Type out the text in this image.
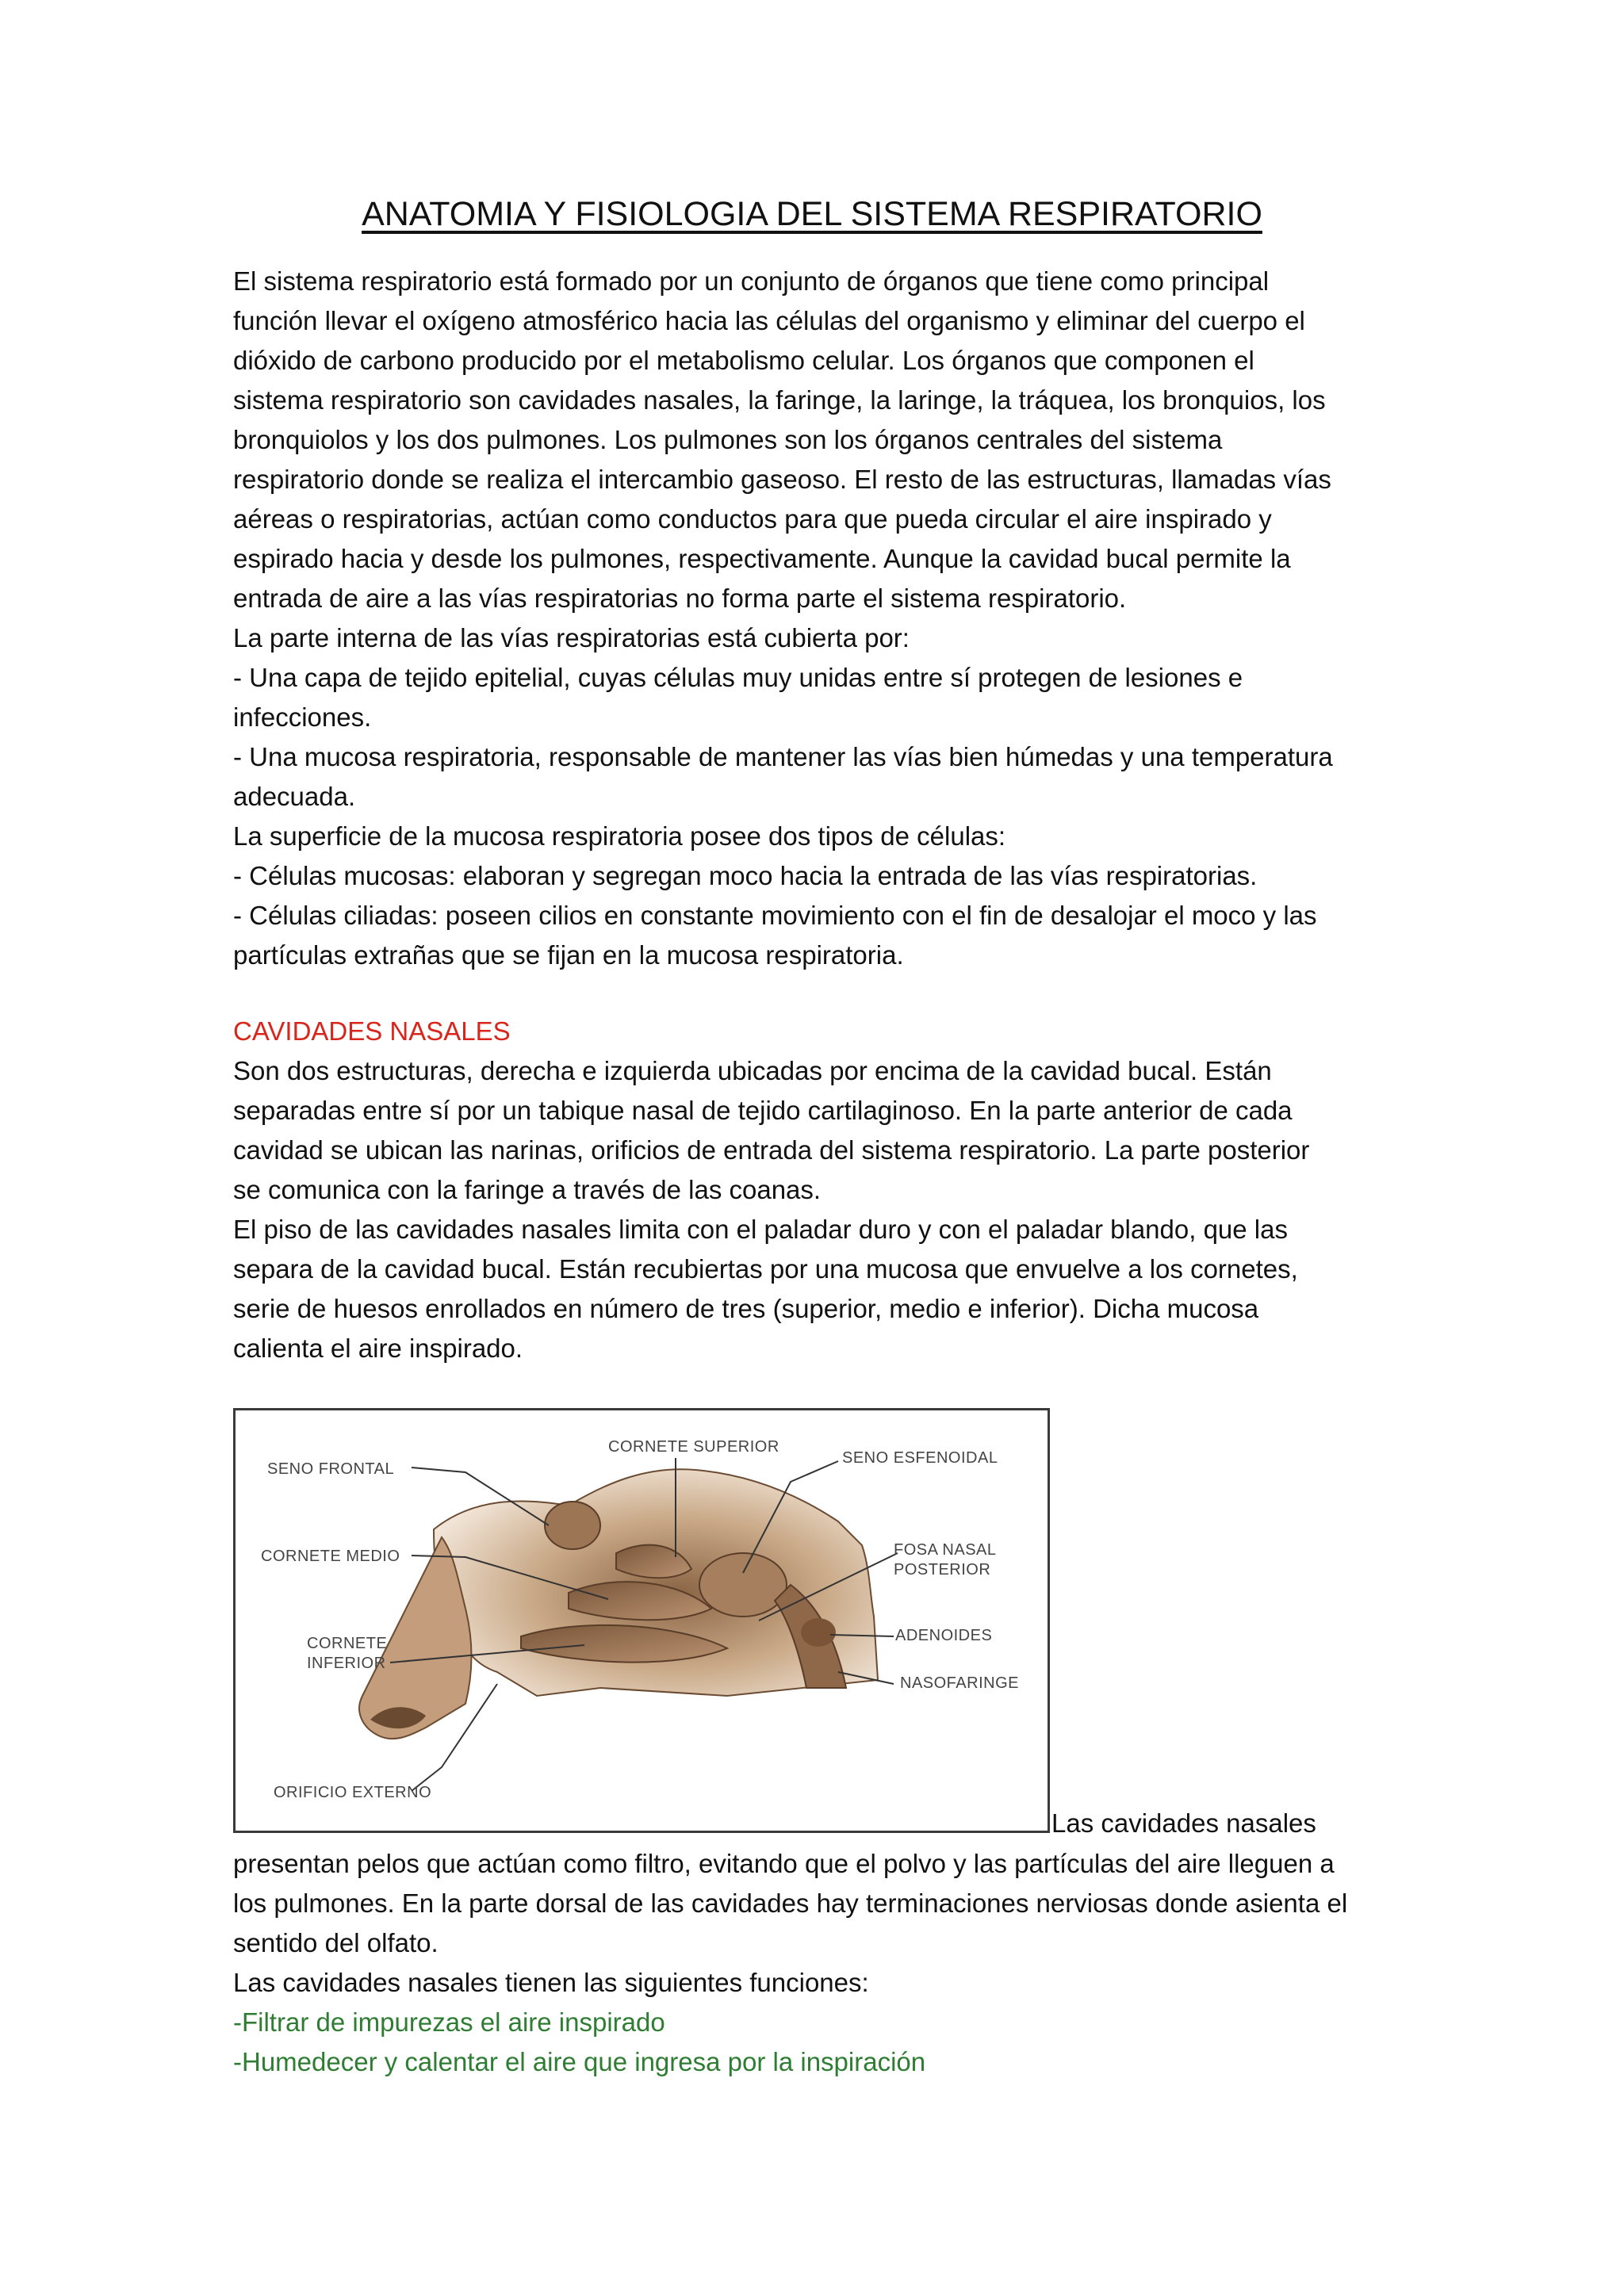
ANATOMIA Y FISIOLOGIA DEL SISTEMA RESPIRATORIO

El sistema respiratorio está formado por un conjunto de órganos que tiene como principal
función llevar el oxígeno atmosférico hacia las células del organismo y eliminar del cuerpo el
dióxido de carbono producido por el metabolismo celular. Los órganos que componen el
sistema respiratorio son cavidades nasales, la faringe, la laringe, la tráquea, los bronquios, los
bronquiolos y los dos pulmones. Los pulmones son los órganos centrales del sistema
respiratorio donde se realiza el intercambio gaseoso. El resto de las estructuras, llamadas vías
aéreas o respiratorias, actúan como conductos para que pueda circular el aire inspirado y
espirado hacia y desde los pulmones, respectivamente. Aunque la cavidad bucal permite la
entrada de aire a las vías respiratorias no forma parte el sistema respiratorio.
La parte interna de las vías respiratorias está cubierta por:
- Una capa de tejido epitelial, cuyas células muy unidas entre sí protegen de lesiones e
infecciones.
- Una mucosa respiratoria, responsable de mantener las vías bien húmedas y una temperatura
adecuada.
La superficie de la mucosa respiratoria posee dos tipos de células:
- Células mucosas: elaboran y segregan moco hacia la entrada de las vías respiratorias.
- Células ciliadas: poseen cilios en constante movimiento con el fin de desalojar el moco y las
partículas extrañas que se fijan en la mucosa respiratoria.

CAVIDADES NASALES
Son dos estructuras, derecha e izquierda ubicadas por encima de la cavidad bucal. Están
separadas entre sí por un tabique nasal de tejido cartilaginoso. En la parte anterior de cada
cavidad se ubican las narinas, orificios de entrada del sistema respiratorio. La parte posterior
se comunica con la faringe a través de las coanas.
El piso de las cavidades nasales limita con el paladar duro y con el paladar blando, que las
separa de la cavidad bucal. Están recubiertas por una mucosa que envuelve a los cornetes,
serie de huesos enrollados en número de tres (superior, medio e inferior). Dicha mucosa
calienta el aire inspirado.

SENO FRONTAL
CORNETE SUPERIOR
SENO ESFENOIDAL
CORNETE MEDIO	FOSA NASAL
POSTERIOR
ADENOIDES
CORNETE
INFERIOR
NASOFARINGE
ORIFICIO EXTERNO

Las cavidades nasales

presentan pelos que actúan como filtro, evitando que el polvo y las partículas del aire lleguen a
los pulmones. En la parte dorsal de las cavidades hay terminaciones nerviosas donde asienta el
sentido del olfato.
Las cavidades nasales tienen las siguientes funciones:
-Filtrar de impurezas el aire inspirado
-Humedecer y calentar el aire que ingresa por la inspiración
